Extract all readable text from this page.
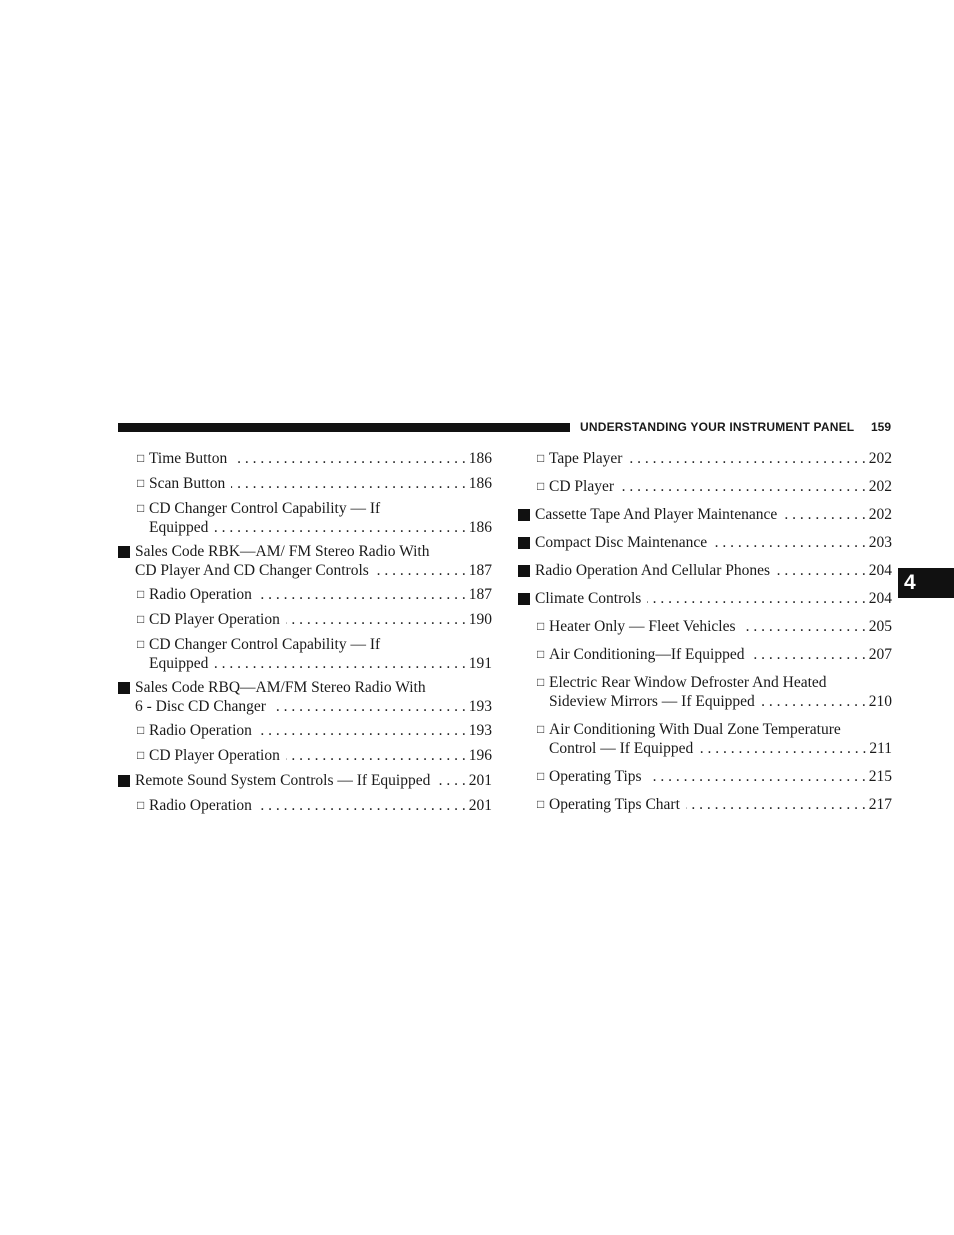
UNDERSTANDING YOUR INSTRUMENT PANEL 159
4
□ Time Button . . .	186
□ Scan Button . . .	186
□ CD Changer Control Capability — If
Equipped . . .	186
Sales Code RBK—AM/ FM Stereo Radio With
CD Player And CD Changer Controls . . .	187
□ Radio Operation . . .	187
□ CD Player Operation . . .	190
□ CD Changer Control Capability — If
Equipped . . .	191
Sales Code RBQ—AM/FM Stereo Radio With
6 - Disc CD Changer . . .	193
□ Radio Operation . . .	193
□ CD Player Operation . . .	196
Remote Sound System Controls — If Equipped . . . 201
□ Radio Operation . . .	201
□ Tape Player . . .	202
□ CD Player . . .	202
Cassette Tape And Player Maintenance . . .	202
Compact Disc Maintenance . . .	203
Radio Operation And Cellular Phones . . .	204
Climate Controls . . .	204
□ Heater Only — Fleet Vehicles . . .	205
□ Air Conditioning—If Equipped . . .	207
□ Electric Rear Window Defroster And Heated
Sideview Mirrors — If Equipped . . .	210
□ Air Conditioning With Dual Zone Temperature
Control — If Equipped . . .	211
□ Operating Tips . . .	215
□ Operating Tips Chart . . .	217
